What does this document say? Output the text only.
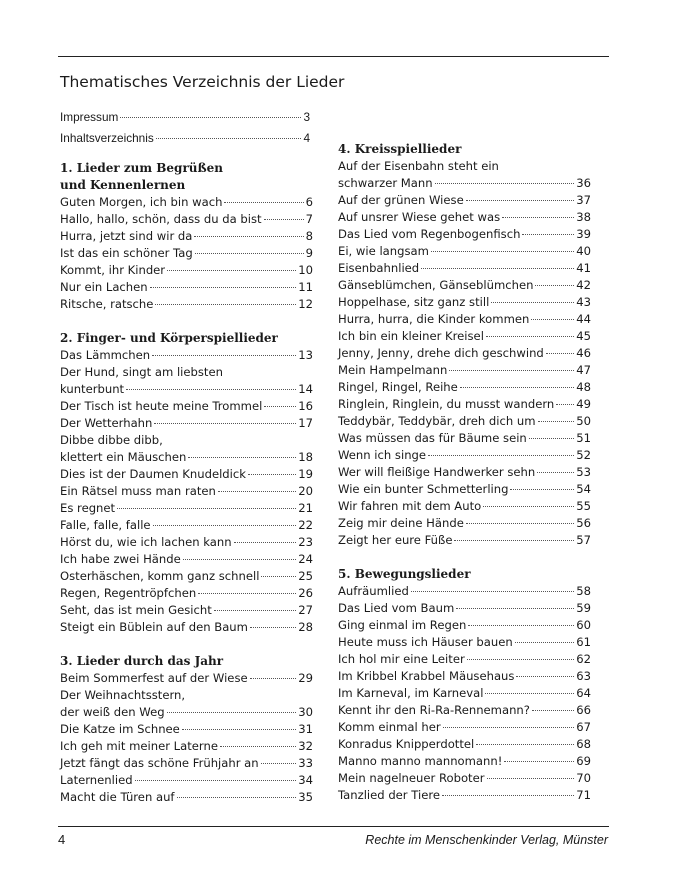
Thematisches Verzeichnis der Lieder
Impressum	3
Inhaltsverzeichnis	4
1. Lieder zum Begrüßen
und Kennenlernen
Guten Morgen, ich bin wach	6
Hallo, hallo, schön, dass du da bist	7
Hurra, jetzt sind wir da	8
Ist das ein schöner Tag	9
Kommt, ihr Kinder	10
Nur ein Lachen	11
Ritsche, ratsche	12
2. Finger- und Körperspiellieder
Das Lämmchen	13
Der Hund, singt am liebsten
kunterbunt	14
Der Tisch ist heute meine Trommel	16
Der Wetterhahn	17
Dibbe dibbe dibb,
klettert ein Mäuschen	18
Dies ist der Daumen Knudeldick	19
Ein Rätsel muss man raten	20
Es regnet	21
Falle, falle, falle	22
Hörst du, wie ich lachen kann	23
Ich habe zwei Hände	24
Osterhäschen, komm ganz schnell	25
Regen, Regentröpfchen	26
Seht, das ist mein Gesicht	27
Steigt ein Büblein auf den Baum	28
3. Lieder durch das Jahr
Beim Sommerfest auf der Wiese	29
Der Weihnachtsstern,
der weiß den Weg	30
Die Katze im Schnee	31
Ich geh mit meiner Laterne	32
Jetzt fängt das schöne Frühjahr an	33
Laternenlied	34
Macht die Türen auf	35
4. Kreisspiellieder
Auf der Eisenbahn steht ein
schwarzer Mann	36
Auf der grünen Wiese	37
Auf unsrer Wiese gehet was	38
Das Lied vom Regenbogenfisch	39
Ei, wie langsam	40
Eisenbahnlied	41
Gänseblümchen, Gänseblümchen	42
Hoppelhase, sitz ganz still	43
Hurra, hurra, die Kinder kommen	44
Ich bin ein kleiner Kreisel	45
Jenny, Jenny, drehe dich geschwind	46
Mein Hampelmann	47
Ringel, Ringel, Reihe	48
Ringlein, Ringlein, du musst wandern 49
Teddybär, Teddybär, dreh dich um	50
Was müssen das für Bäume sein	51
Wenn ich singe	52
Wer will fleißige Handwerker sehn	53
Wie ein bunter Schmetterling	54
Wir fahren mit dem Auto	55
Zeig mir deine Hände	56
Zeigt her eure Füße	57
5. Bewegungslieder
Aufräumlied	58
Das Lied vom Baum	59
Ging einmal im Regen	60
Heute muss ich Häuser bauen	61
Ich hol mir eine Leiter	62
Im Kribbel Krabbel Mäusehaus	63
Im Karneval, im Karneval	64
Kennt ihr den Ri-Ra-Rennemann?	66
Komm einmal her	67
Konradus Knipperdottel	68
Manno manno mannomann!	69
Mein nagelneuer Roboter	70
Tanzlied der Tiere	71
4	Rechte im Menschenkinder Verlag, Münster
